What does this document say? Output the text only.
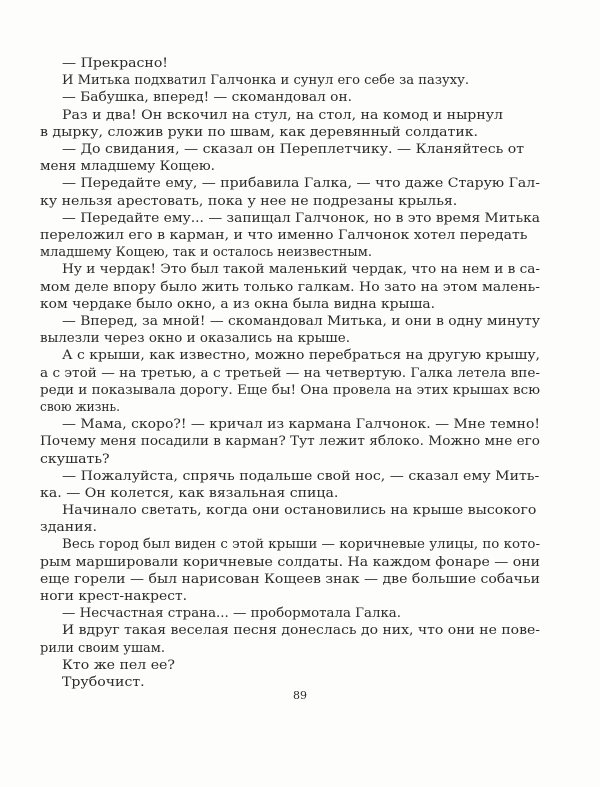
— Прекрасно!
И Митька подхватил Галчонка и сунул его себе за пазуху.
— Бабушка, вперед! — скомандовал он.
Раз и два! Он вскочил на стул, на стол, на комод и нырнул
в дырку, сложив руки по швам, как деревянный солдатик.
— До свидания, — сказал он Переплетчику. — Кланяйтесь от
меня младшему Кощею.
— Передайте ему, — прибавила Галка, — что даже Старую Гал-
ку нельзя арестовать, пока у нее не подрезаны крылья.
— Передайте ему... — запищал Галчонок, но в это время Митька
переложил его в карман, и что именно Галчонок хотел передать
младшему Кощею, так и осталось неизвестным.
Ну и чердак! Это был такой маленький чердак, что на нем и в са-
мом деле впору было жить только галкам. Но зато на этом малень-
ком чердаке было окно, а из окна была видна крыша.
— Вперед, за мной! — скомандовал Митька, и они в одну минуту
вылезли через окно и оказались на крыше.
А с крыши, как известно, можно перебраться на другую крышу,
а с этой — на третью, а с третьей — на четвертую. Галка летела впе-
реди и показывала дорогу. Еще бы! Она провела на этих крышах всю
свою жизнь.
— Мама, скоро?! — кричал из кармана Галчонок. — Мне темно!
Почему меня посадили в карман? Тут лежит яблоко. Можно мне его
скушать?
— Пожалуйста, спрячь подальше свой нос, — сказал ему Мить-
ка. — Он колется, как вязальная спица.
Начинало светать, когда они остановились на крыше высокого
здания.
Весь город был виден с этой крыши — коричневые улицы, по кото-
рым маршировали коричневые солдаты. На каждом фонаре — они
еще горели — был нарисован Кощеев знак — две большие собачьи
ноги крест-накрест.
— Несчастная страна... — пробормотала Галка.
И вдруг такая веселая песня донеслась до них, что они не пове-
рили своим ушам.
Кто же пел ее?
Трубочист.
89
